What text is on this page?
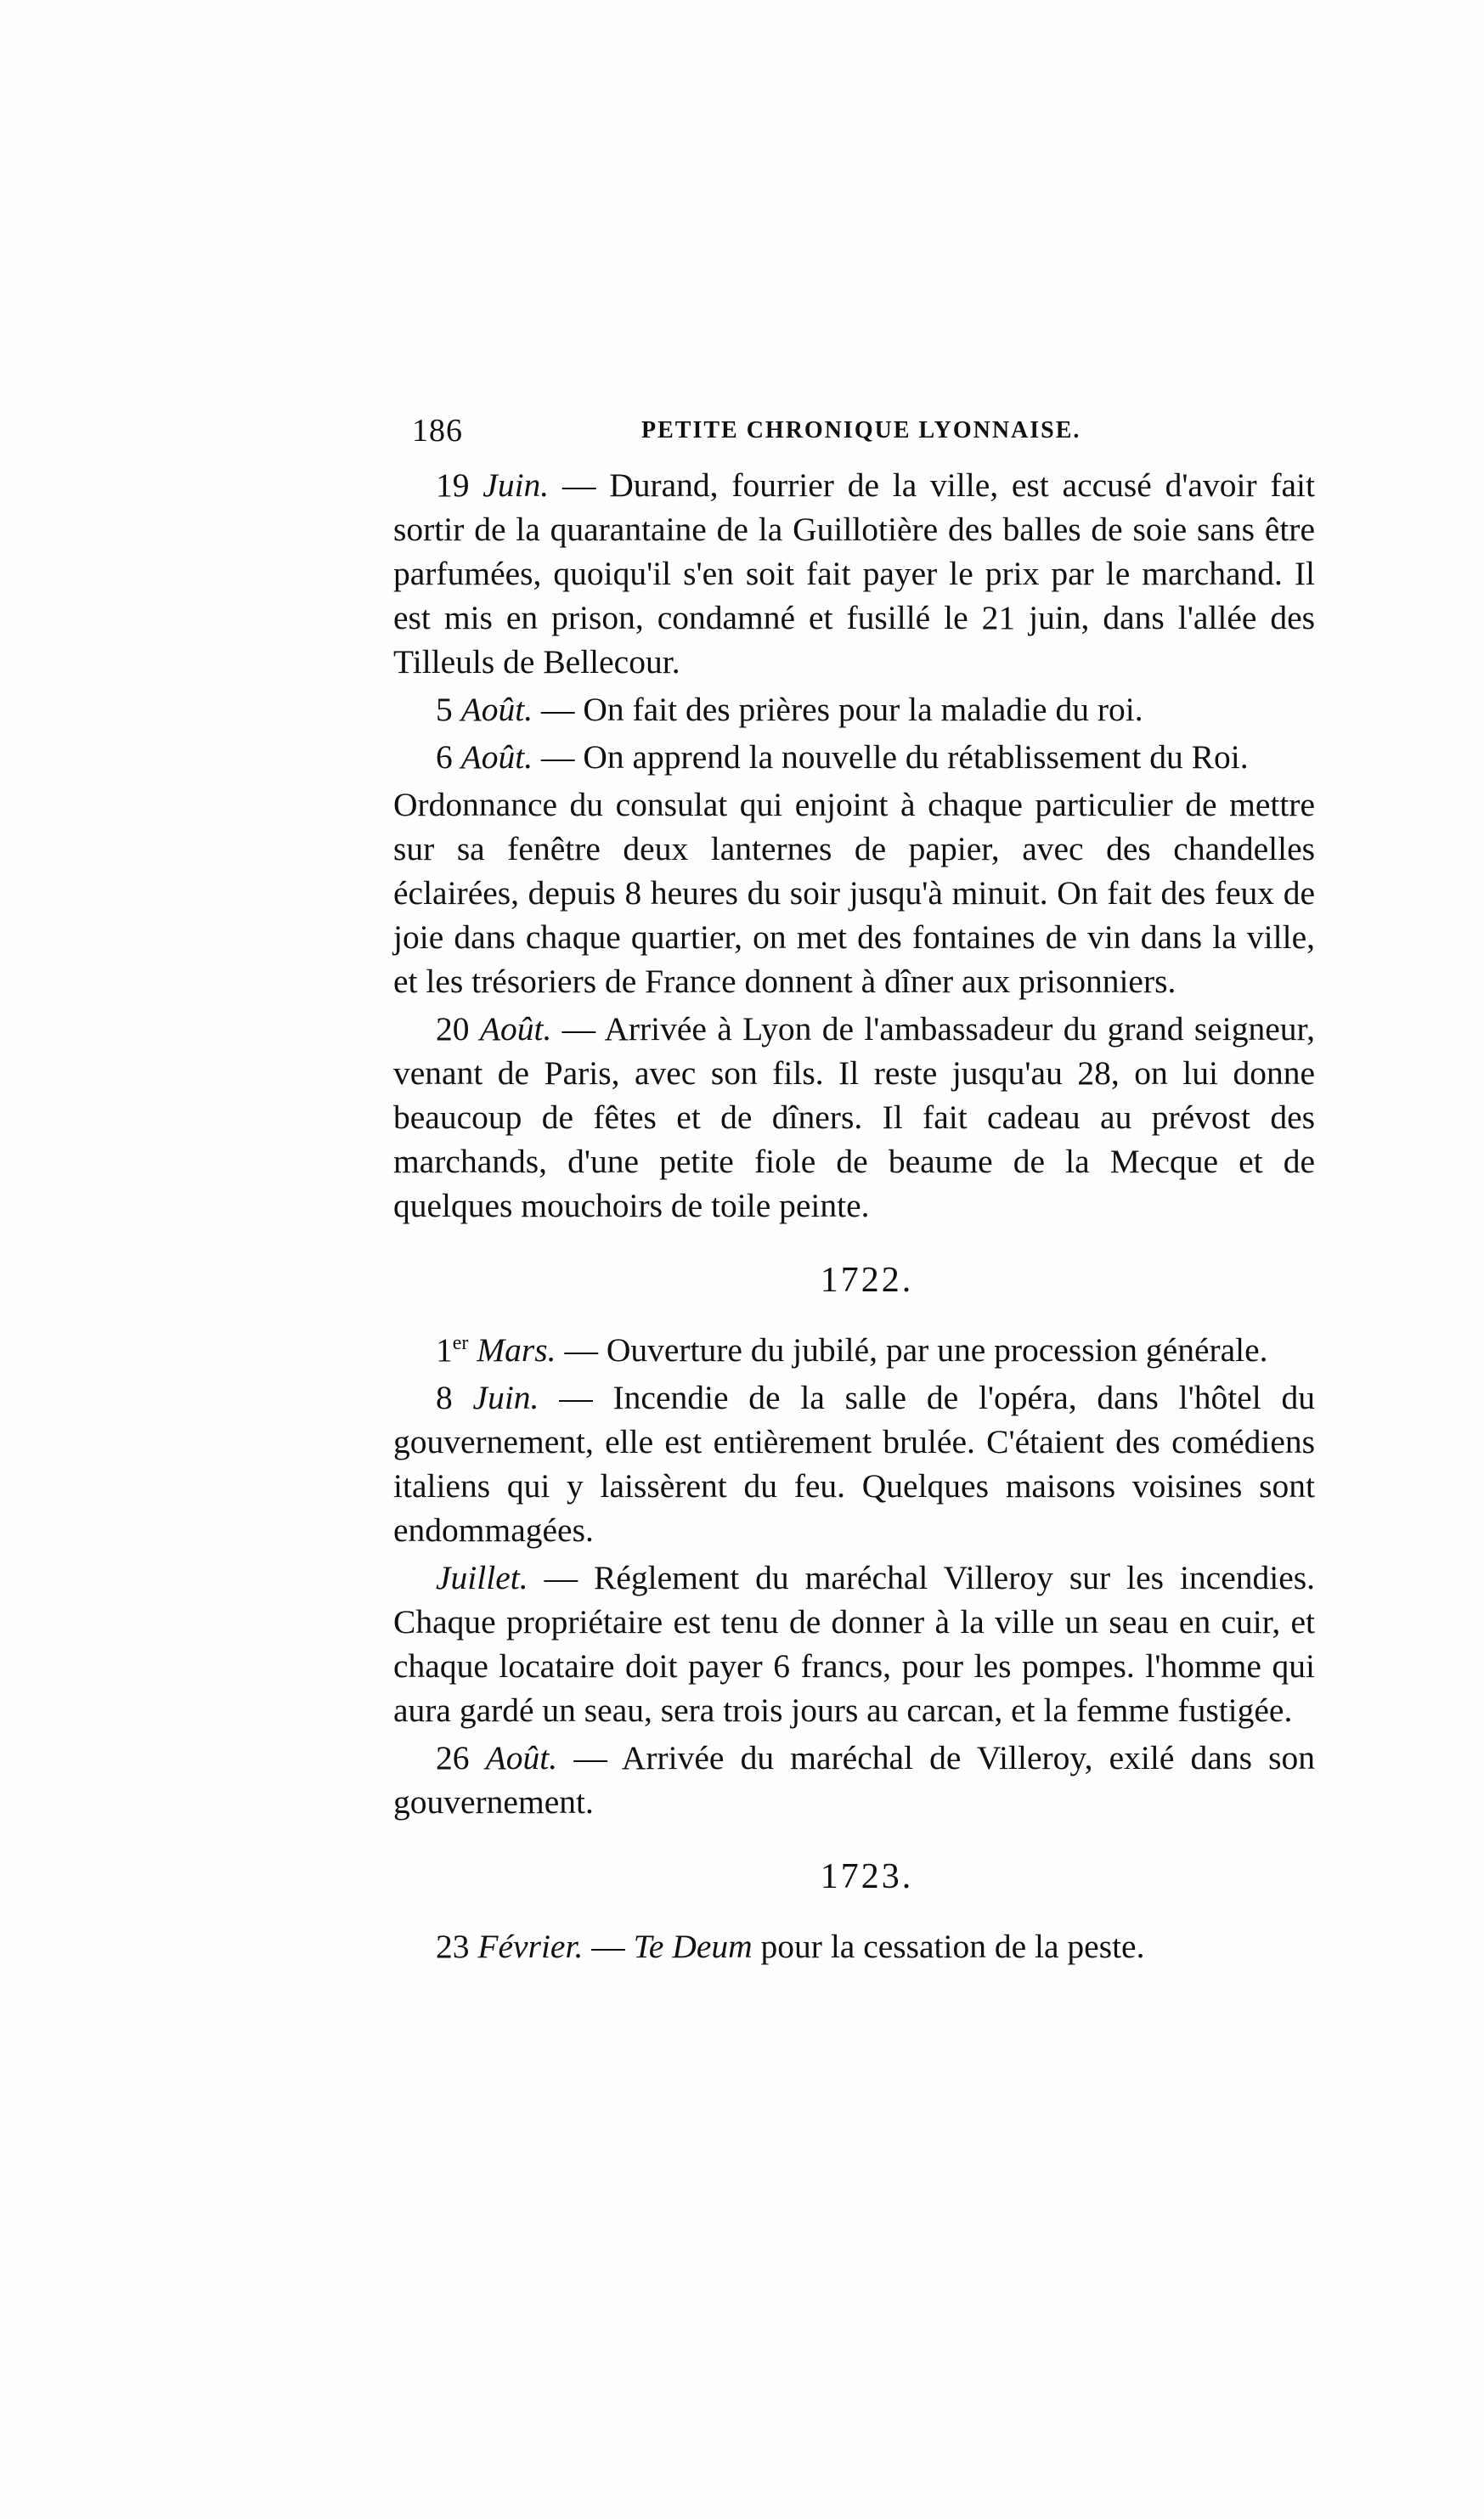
186	PETITE CHRONIQUE LYONNAISE.

19 Juin. — Durand, fourrier de la ville, est accusé d'avoir fait sortir de la quarantaine de la Guillotière des balles de soie sans être parfumées, quoiqu'il s'en soit fait payer le prix par le marchand. Il est mis en prison, condamné et fusillé le 21 juin, dans l'allée des Tilleuls de Bellecour.

5 Août. — On fait des prières pour la maladie du roi.

6 Août. — On apprend la nouvelle du rétablissement du Roi.

Ordonnance du consulat qui enjoint à chaque particulier de mettre sur sa fenêtre deux lanternes de papier, avec des chandelles éclairées, depuis 8 heures du soir jusqu'à minuit. On fait des feux de joie dans chaque quartier, on met des fontaines de vin dans la ville, et les trésoriers de France donnent à dîner aux prisonniers.

20 Août. — Arrivée à Lyon de l'ambassadeur du grand seigneur, venant de Paris, avec son fils. Il reste jusqu'au 28, on lui donne beaucoup de fêtes et de dîners. Il fait cadeau au prévost des marchands, d'une petite fiole de beaume de la Mecque et de quelques mouchoirs de toile peinte.

1722.

1er Mars. — Ouverture du jubilé, par une procession générale.

8 Juin. — Incendie de la salle de l'opéra, dans l'hôtel du gouvernement, elle est entièrement brulée. C'étaient des comédiens italiens qui y laissèrent du feu. Quelques maisons voisines sont endommagées.

Juillet. — Réglement du maréchal Villeroy sur les incendies. Chaque propriétaire est tenu de donner à la ville un seau en cuir, et chaque locataire doit payer 6 francs, pour les pompes. l'homme qui aura gardé un seau, sera trois jours au carcan, et la femme fustigée.

26 Août. — Arrivée du maréchal de Villeroy, exilé dans son gouvernement.

1723.

23 Février. — Te Deum pour la cessation de la peste.
